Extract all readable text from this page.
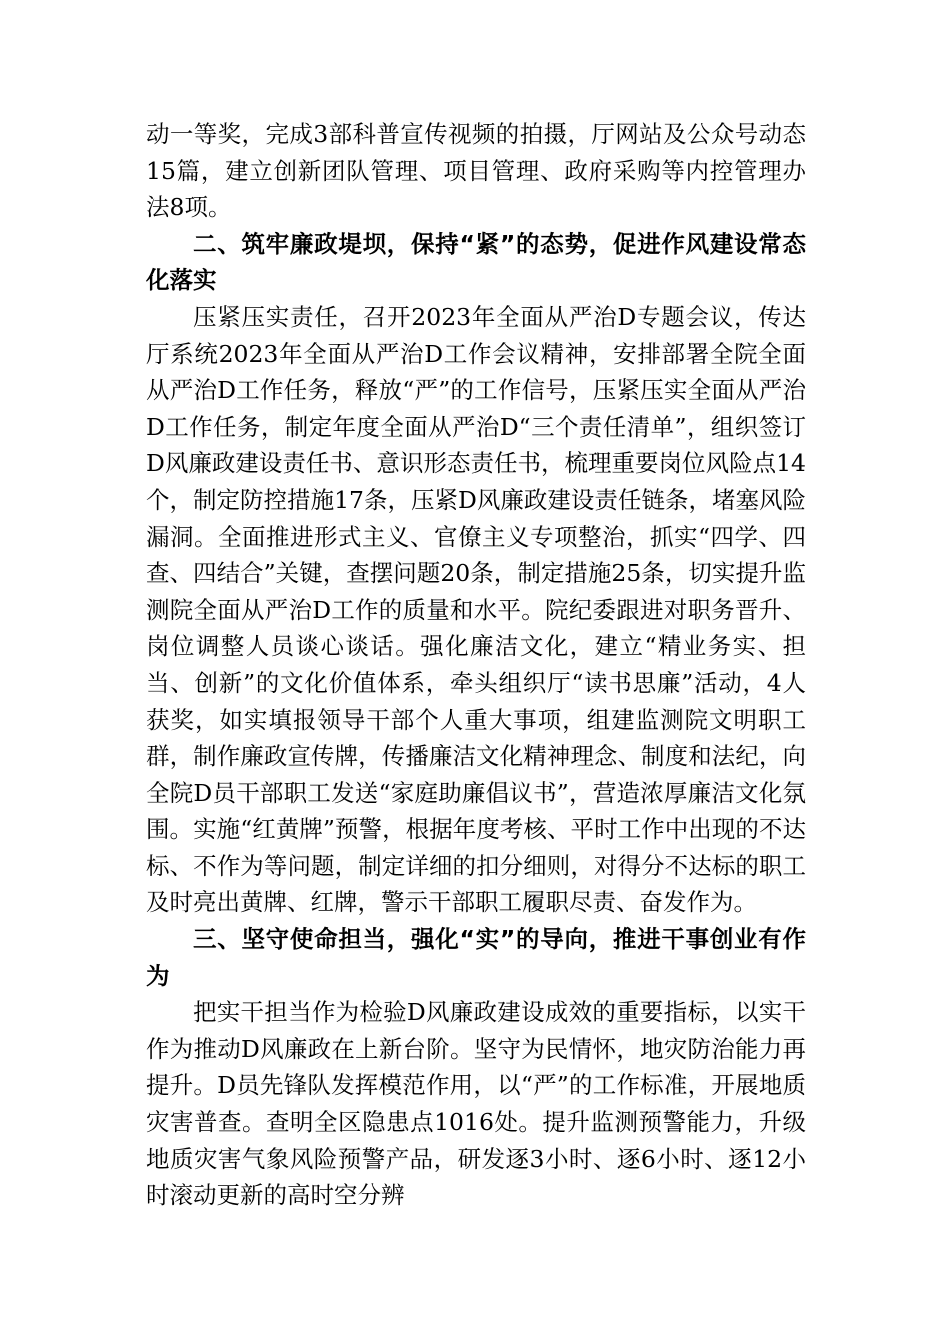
动一等奖，完成3部科普宣传视频的拍摄，厅网站及公众号动态15篇，建立创新团队管理、项目管理、政府采购等内控管理办法8项。

二、筑牢廉政堤坝，保持“紧”的态势，促进作风建设常态化落实

压紧压实责任，召开2023年全面从严治D专题会议，传达厅系统2023年全面从严治D工作会议精神，安排部署全院全面从严治D工作任务，释放“严”的工作信号，压紧压实全面从严治D工作任务，制定年度全面从严治D“三个责任清单”，组织签订D风廉政建设责任书、意识形态责任书，梳理重要岗位风险点14个，制定防控措施17条，压紧D风廉政建设责任链条，堵塞风险漏洞。全面推进形式主义、官僚主义专项整治，抓实“四学、四查、四结合”关键，查摆问题20条，制定措施25条，切实提升监测院全面从严治D工作的质量和水平。院纪委跟进对职务晋升、岗位调整人员谈心谈话。强化廉洁文化，建立“精业务实、担当、创新”的文化价值体系，牵头组织厅“读书思廉”活动，4人获奖，如实填报领导干部个人重大事项，组建监测院文明职工群，制作廉政宣传牌，传播廉洁文化精神理念、制度和法纪，向全院D员干部职工发送“家庭助廉倡议书”，营造浓厚廉洁文化氛围。实施“红黄牌”预警，根据年度考核、平时工作中出现的不达标、不作为等问题，制定详细的扣分细则，对得分不达标的职工及时亮出黄牌、红牌，警示干部职工履职尽责、奋发作为。

三、坚守使命担当，强化“实”的导向，推进干事创业有作为

把实干担当作为检验D风廉政建设成效的重要指标，以实干作为推动D风廉政在上新台阶。坚守为民情怀，地灾防治能力再提升。D员先锋队发挥模范作用，以“严”的工作标准，开展地质灾害普查。查明全区隐患点1016处。提升监测预警能力，升级地质灾害气象风险预警产品，研发逐3小时、逐6小时、逐12小时滚动更新的高时空分辨
